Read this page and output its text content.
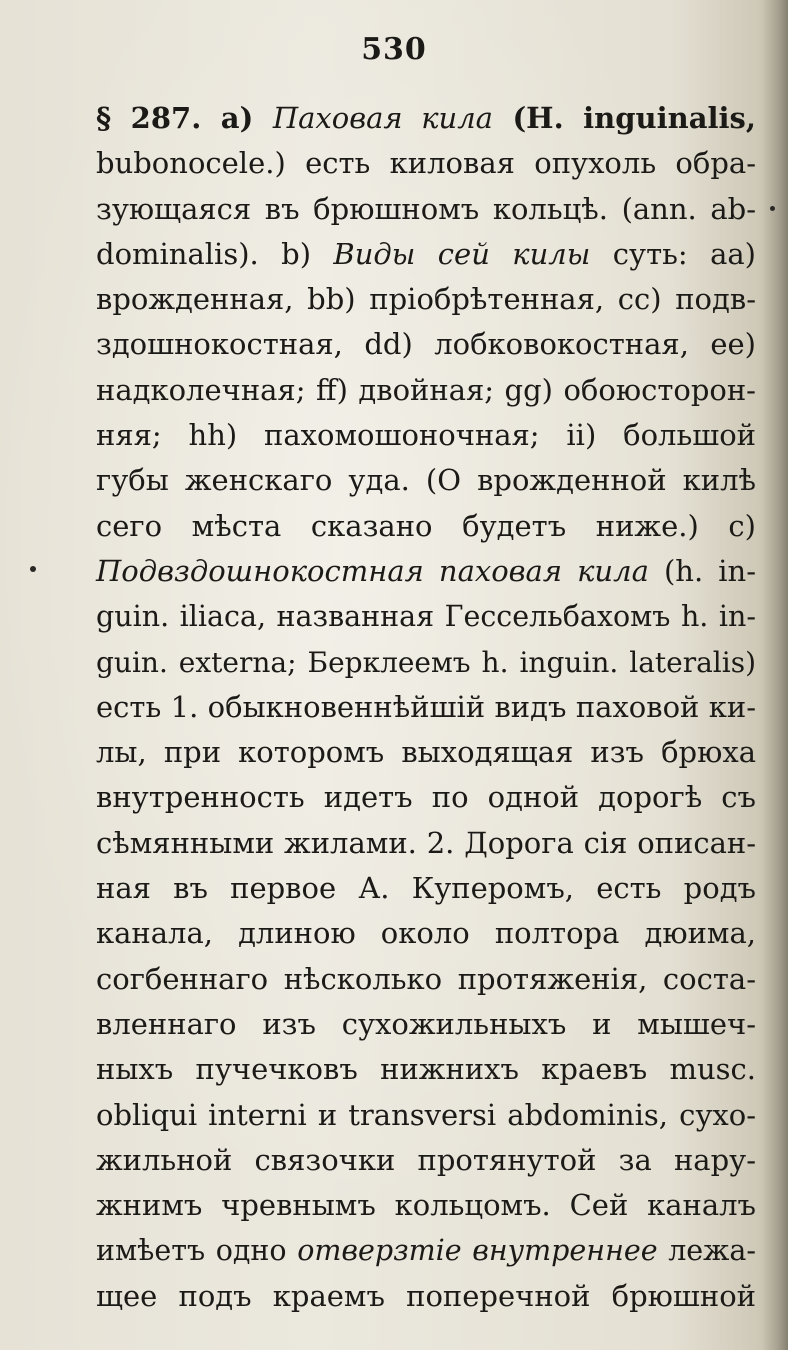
530
§ 287. a) Паховая кила (H. inguinalis,
bubonocele.) есть киловая опухоль обра-
зующаяся въ брюшномъ кольцѣ. (ann. ab-
dominalis). b) Виды сей килы суть: aa)
врожденная, bb) пріобрѣтенная, cc) подв-
здошнокостная, dd) лобковокостная, ee)
надколечная; ff) двойная; gg) обоюсторон-
няя; hh) пахомошоночная; ii) большой
губы женскаго уда. (О врожденной килѣ
сего мѣста сказано будетъ ниже.) c)
Подвздошнокостная паховая кила (h. in-
guin. iliaca, названная Гессельбахомъ h. in-
guin. externa; Берклеемъ h. inguin. lateralis)
есть 1. обыкновеннѣйшій видъ паховой ки-
лы, при которомъ выходящая изъ брюха
внутренность идетъ по одной дорогѣ съ
сѣмянными жилами. 2. Дорога сія описан-
ная въ первое А. Куперомъ, есть родъ
канала, длиною около полтора дюима,
согбеннаго нѣсколько протяженія, соста-
вленнаго изъ сухожильныхъ и мышеч-
ныхъ пучечковъ нижнихъ краевъ musc.
obliqui interni и transversi abdominis, сухо-
жильной связочки протянутой за нару-
жнимъ чревнымъ кольцомъ. Сей каналъ
имѣетъ одно отверзтіе внутреннее лежа-
щее подъ краемъ поперечной брюшной
